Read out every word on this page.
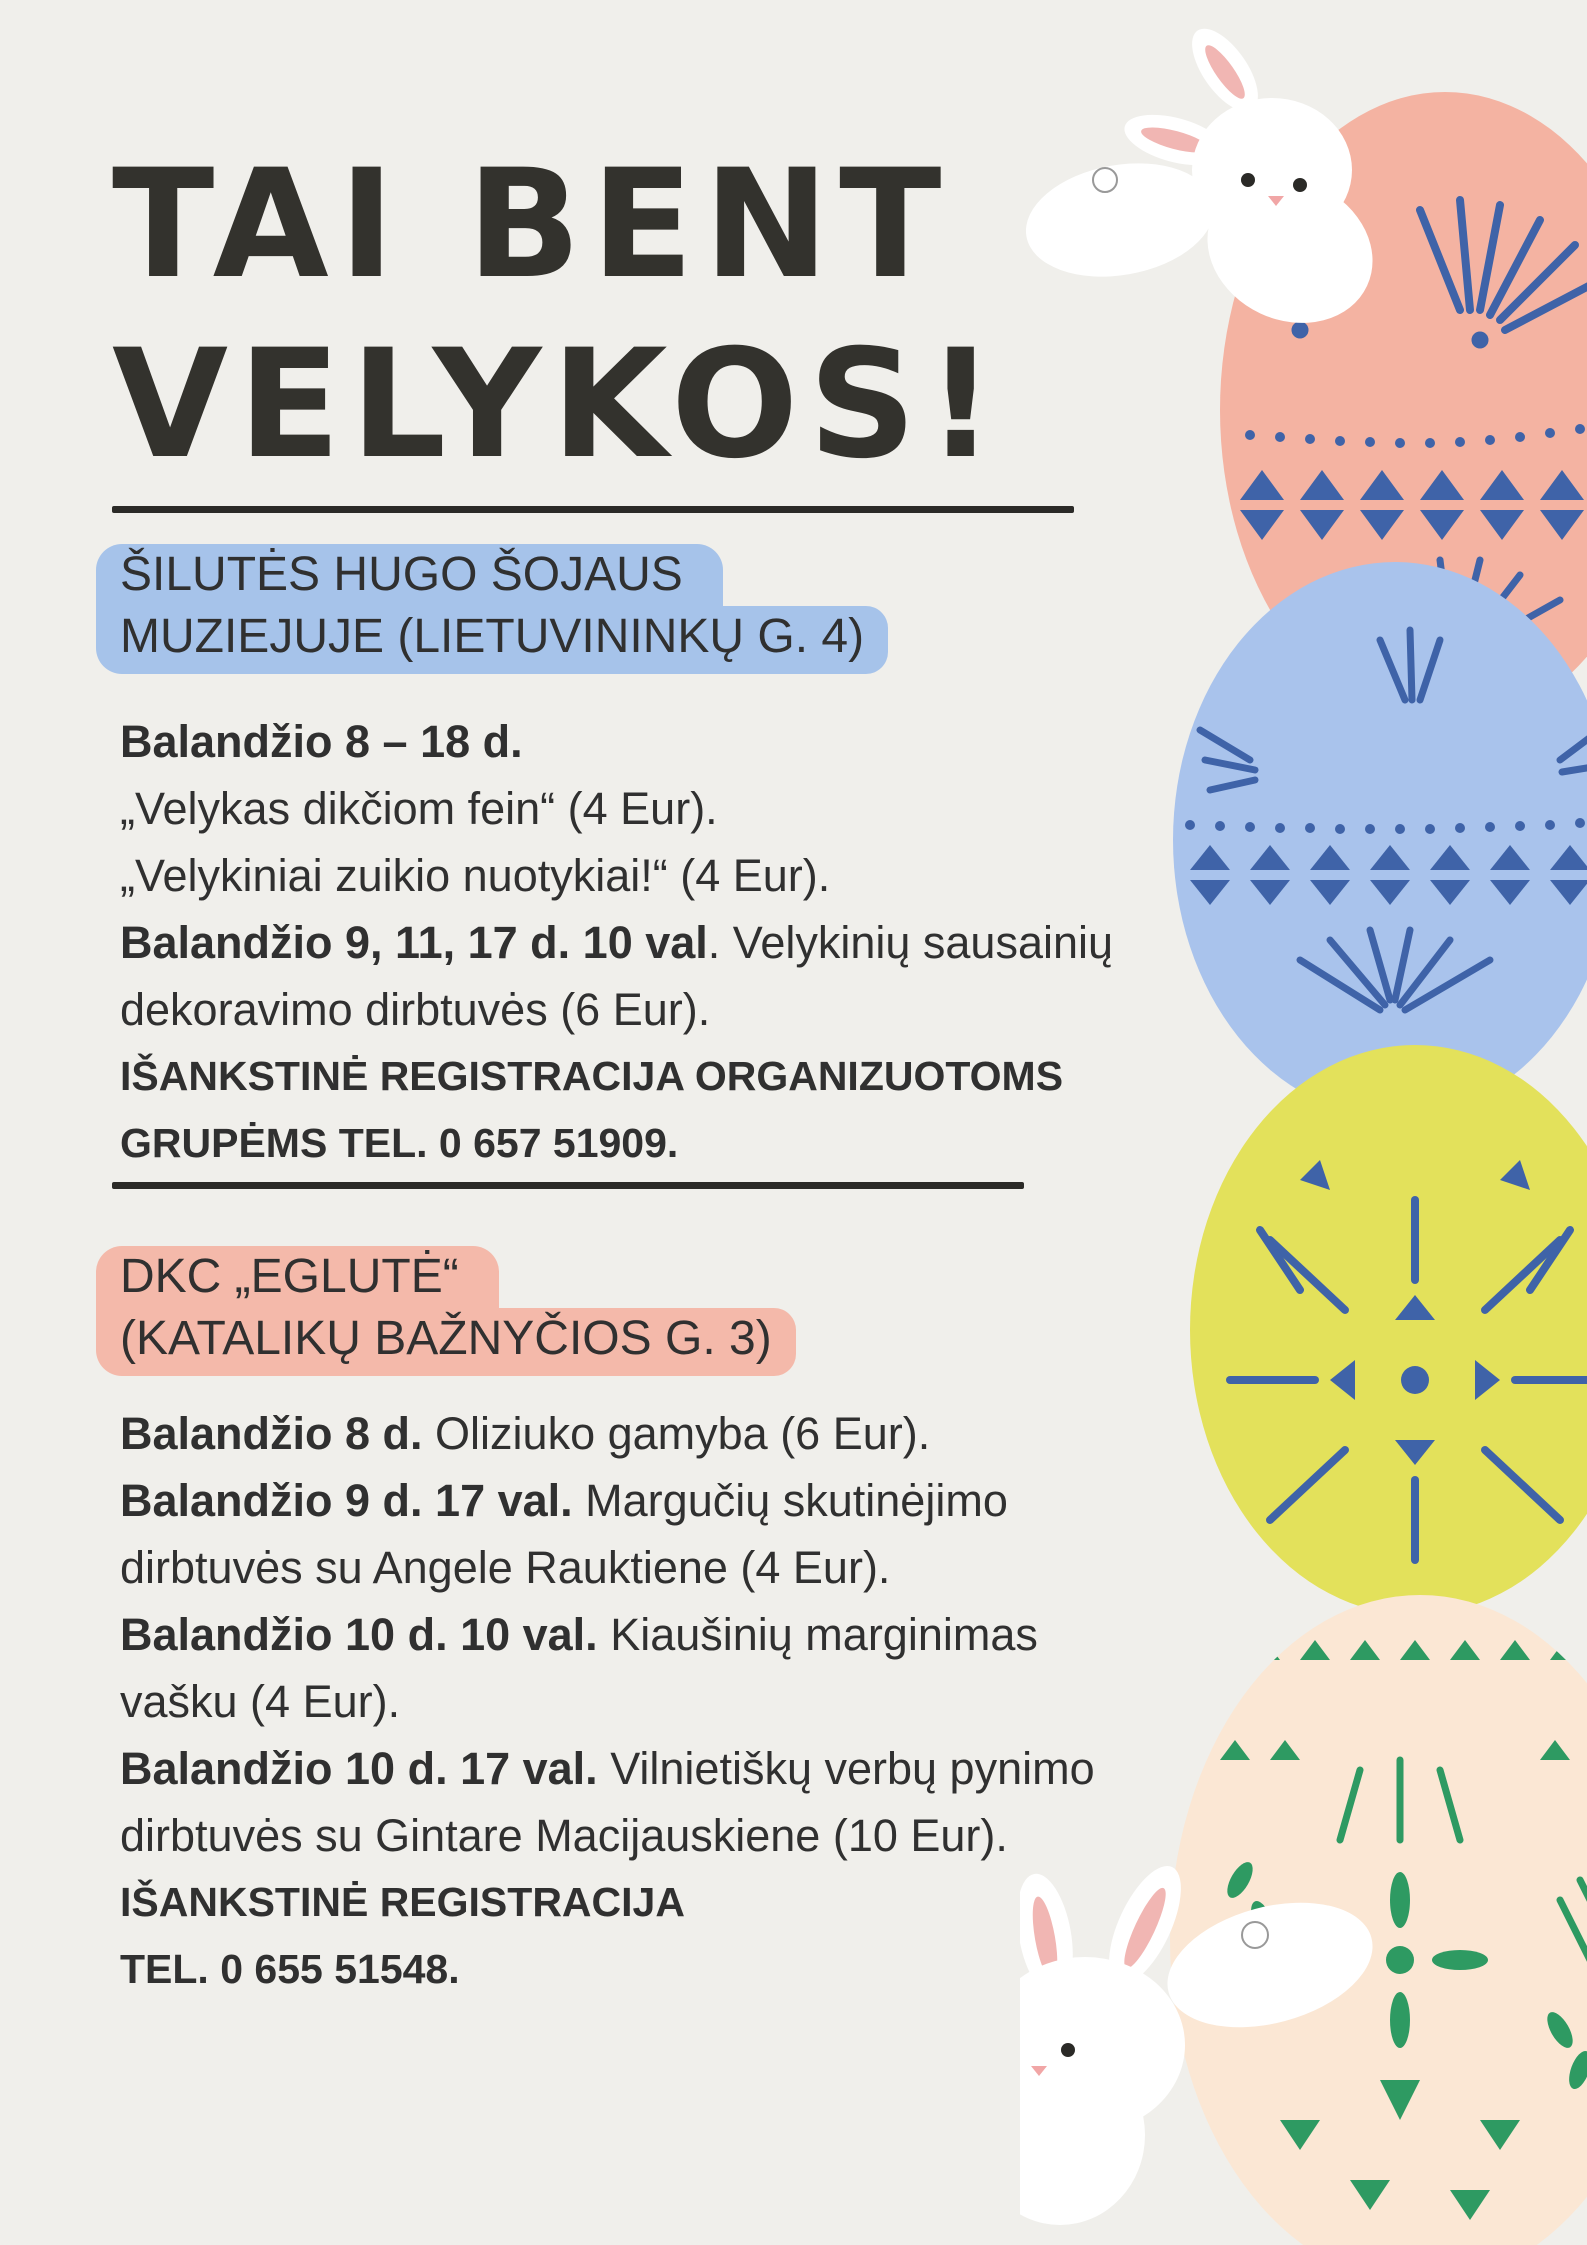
TAI BENT
VELYKOS!
ŠILUTĖS HUGO ŠOJAUS
MUZIEJUJE (LIETUVININKŲ G. 4)

Balandžio 8 – 18 d.

„Velykas dikčiom fein“ (4 Eur).

„Velykiniai zuikio nuotykiai!“ (4 Eur).

Balandžio 9, 11, 17 d. 10 val. Velykinių sausainių dekoravimo dirbtuvės (6 Eur).

IŠANKSTINĖ REGISTRACIJA ORGANIZUOTOMS GRUPĖMS TEL. 0 657 51909.

DKC „EGLUTĖ“
(KATALIKŲ BAŽNYČIOS G. 3)

Balandžio 8 d. Oliziuko gamyba (6 Eur).

Balandžio 9 d. 17 val. Margučių skutinėjimo dirbtuvės su Angele Rauktiene (4 Eur).

Balandžio 10 d. 10 val. Kiaušinių marginimas vašku (4 Eur).

Balandžio 10 d. 17 val. Vilnietiškų verbų pynimo dirbtuvės su Gintare Macijauskiene (10 Eur).

IŠANKSTINĖ REGISTRACIJA

TEL. 0 655 51548.
